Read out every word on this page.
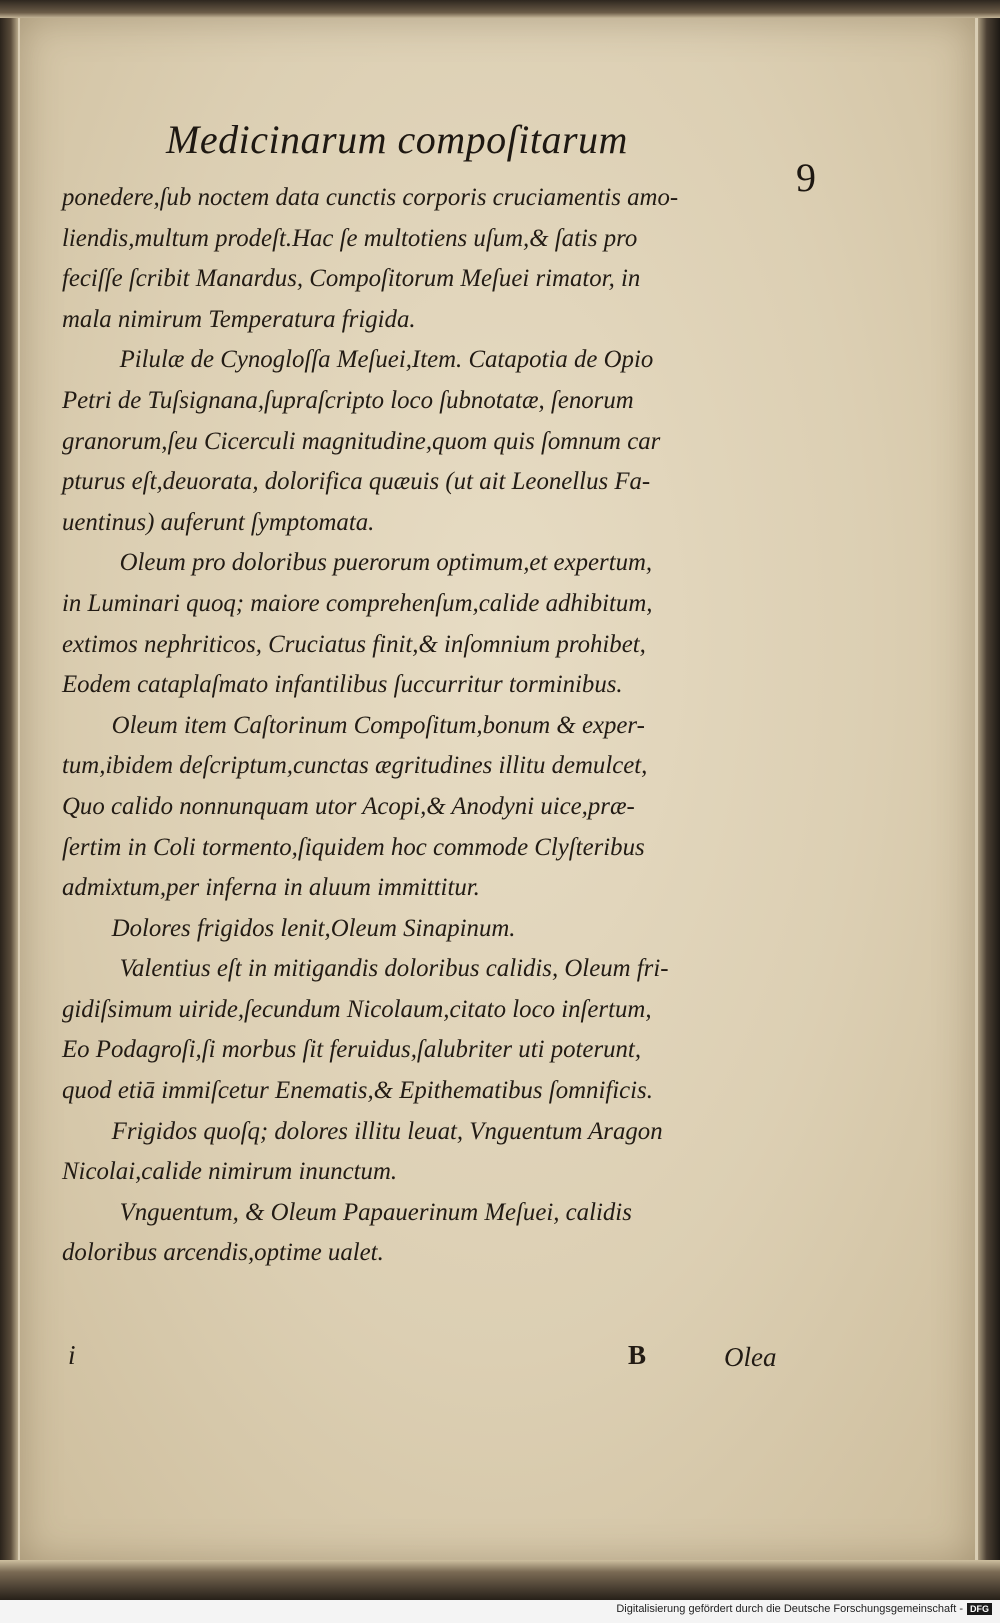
Medicinarum compoſitarum
9
ponedere,ſub noctem data cunctis corporis cruciamentis amo-
liendis,multum prodeſt.Hac ſe multotiens uſum,& ſatis pro
feciſſe ſcribit Manardus, Compoſitorum Meſuei rimator, in
mala nimirum Temperatura frigida.
Pilulæ de Cynogloſſa Meſuei,Item. Catapotia de Opio
Petri de Tuſsignana,ſupraſcripto loco ſubnotatæ, ſenorum
granorum,ſeu Cicerculi magnitudine,quom quis ſomnum car
pturus eſt,deuorata, dolorifica quæuis (ut ait Leonellus Fa-
uentinus) auferunt ſymptomata.
Oleum pro doloribus puerorum optimum,et expertum,
in Luminari quoq; maiore comprehenſum,calide adhibitum,
extimos nephriticos, Cruciatus finit,& inſomnium prohibet,
Eodem cataplaſmato infantilibus ſuccurritur torminibus.
Oleum item Caſtorinum Compoſitum,bonum & exper-
tum,ibidem deſcriptum,cunctas ægritudines illitu demulcet,
Quo calido nonnunquam utor Acopi,& Anodyni uice,præ-
ſertim in Coli tormento,ſiquidem hoc commode Clyſteribus
admixtum,per inferna in aluum immittitur.
Dolores frigidos lenit,Oleum Sinapinum.
Valentius eſt in mitigandis doloribus calidis, Oleum fri-
gidiſsimum uiride,ſecundum Nicolaum,citato loco inſertum,
Eo Podagroſi,ſi morbus ſit feruidus,ſalubriter uti poterunt,
quod etiā immiſcetur Enematis,& Epithematibus ſomnificis.
Frigidos quoſq; dolores illitu leuat, Vnguentum Aragon
Nicolai,calide nimirum inunctum.
Vnguentum, & Oleum Papauerinum Meſuei, calidis
doloribus arcendis,optime ualet.
i	B	Olea
Digitalisierung gefördert durch die Deutsche Forschungsgemeinschaft - DFG
